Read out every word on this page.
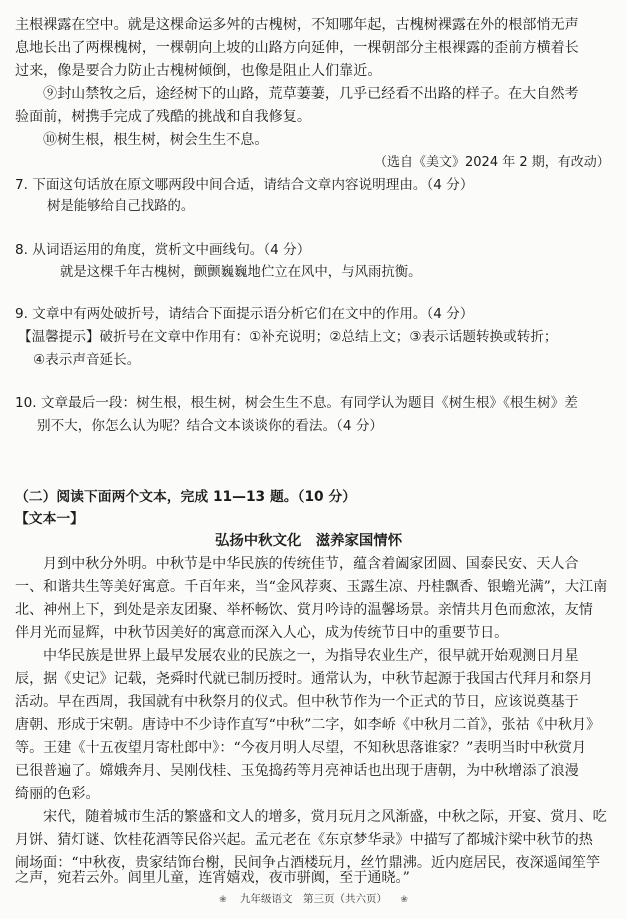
主根裸露在空中。就是这棵命运多舛的古槐树，不知哪年起，古槐树裸露在外的根部悄无声

息地长出了两棵槐树，一棵朝向上坡的山路方向延伸，一棵朝部分主根裸露的歪前方横着长

过来，像是要合力防止古槐树倾倒，也像是阻止人们靠近。

⑨封山禁牧之后，途经树下的山路，荒草萋萋，几乎已经看不出路的样子。在大自然考

验面前，树携手完成了残酷的挑战和自我修复。

⑩树生根，根生树，树会生生不息。

（选自《美文》2024 年 2 期，有改动）

7. 下面这句话放在原文哪两段中间合适，请结合文章内容说明理由。（4 分）

树是能够给自己找路的。

8. 从词语运用的角度，赏析文中画线句。（4 分）

就是这棵千年古槐树，颤颤巍巍地伫立在风中，与风雨抗衡。

9. 文章中有两处破折号，请结合下面提示语分析它们在文中的作用。（4 分）

【温馨提示】破折号在文章中作用有：①补充说明；②总结上文；③表示话题转换或转折；

④表示声音延长。

10. 文章最后一段：树生根，根生树，树会生生不息。有同学认为题目《树生根》《根生树》差

别不大，你怎么认为呢？结合文本谈谈你的看法。（4 分）

（二）阅读下面两个文本，完成 11—13 题。（10 分）

【文本一】

弘扬中秋文化　滋养家国情怀

月到中秋分外明。中秋节是中华民族的传统佳节，蕴含着阖家团圆、国泰民安、天人合

一、和谐共生等美好寓意。千百年来，当“金风荐爽、玉露生凉、丹桂飘香、银蟾光满”，大江南

北、神州上下，到处是亲友团聚、举杯畅饮、赏月吟诗的温馨场景。亲情共月色而愈浓，友情

伴月光而显辉，中秋节因美好的寓意而深入人心，成为传统节日中的重要节日。

中华民族是世界上最早发展农业的民族之一，为指导农业生产，很早就开始观测日月星

辰，据《史记》记载，尧舜时代就已制历授时。通常认为，中秋节起源于我国古代拜月和祭月

活动。早在西周，我国就有中秋祭月的仪式。但中秋节作为一个正式的节日，应该说奠基于

唐朝、形成于宋朝。唐诗中不少诗作直写“中秋”二字，如李峤《中秋月二首》，张祜《中秋月》

等。王建《十五夜望月寄杜郎中》：“今夜月明人尽望，不知秋思落谁家？”表明当时中秋赏月

已很普遍了。嫦娥奔月、吴刚伐桂、玉兔捣药等月亮神话也出现于唐朝，为中秋增添了浪漫

绮丽的色彩。

宋代，随着城市生活的繁盛和文人的增多，赏月玩月之风渐盛，中秋之际，开宴、赏月、吃

月饼、猜灯谜、饮桂花酒等民俗兴起。孟元老在《东京梦华录》中描写了都城汴梁中秋节的热

闹场面：“中秋夜，贵家结饰台榭，民间争占酒楼玩月，丝竹鼎沸。近内庭居民，夜深遥闻笙竽

之声，宛若云外。闾里儿童，连宵嬉戏，夜市骈阗，至于通晓。”

❀ 九年级语文　第三页（共六页） ❀
